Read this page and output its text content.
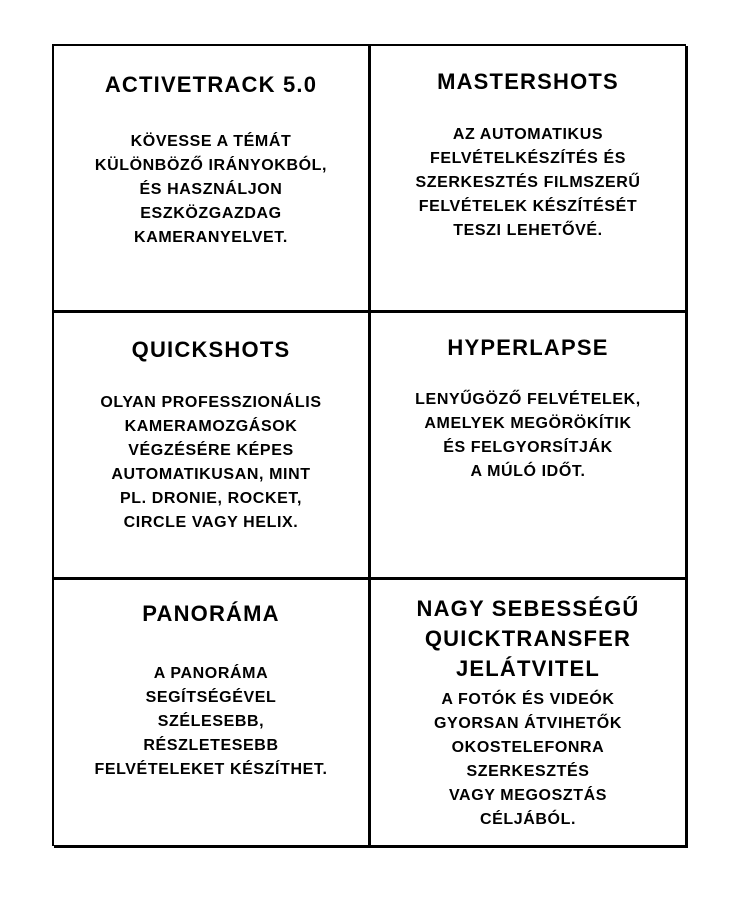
ACTIVETRACK 5.0

KÖVESSE A TÉMÁT
KÜLÖNBÖZŐ IRÁNYOKBÓL,
ÉS HASZNÁLJON
ESZKÖZGAZDAG
KAMERANYELVET.

MASTERSHOTS

AZ AUTOMATIKUS
FELVÉTELKÉSZÍTÉS ÉS
SZERKESZTÉS FILMSZERŰ
FELVÉTELEK KÉSZÍTÉSÉT
TESZI LEHETŐVÉ.

QUICKSHOTS

OLYAN PROFESSZIONÁLIS
KAMERAMOZGÁSOK
VÉGZÉSÉRE KÉPES
AUTOMATIKUSAN, MINT
PL. DRONIE, ROCKET,
CIRCLE VAGY HELIX.

HYPERLAPSE

LENYŰGÖZŐ FELVÉTELEK,
AMELYEK MEGÖRÖKÍTIK
ÉS FELGYORSÍTJÁK
A MÚLÓ IDŐT.

PANORÁMA

A PANORÁMA
SEGÍTSÉGÉVEL
SZÉLESEBB,
RÉSZLETESEBB
FELVÉTELEKET KÉSZÍTHET.

NAGY SEBESSÉGŰ
QUICKTRANSFER
JELÁTVITEL

A FOTÓK ÉS VIDEÓK
GYORSAN ÁTVIHETŐK
OKOSTELEFONRA
SZERKESZTÉS
VAGY MEGOSZTÁS
CÉLJÁBÓL.
